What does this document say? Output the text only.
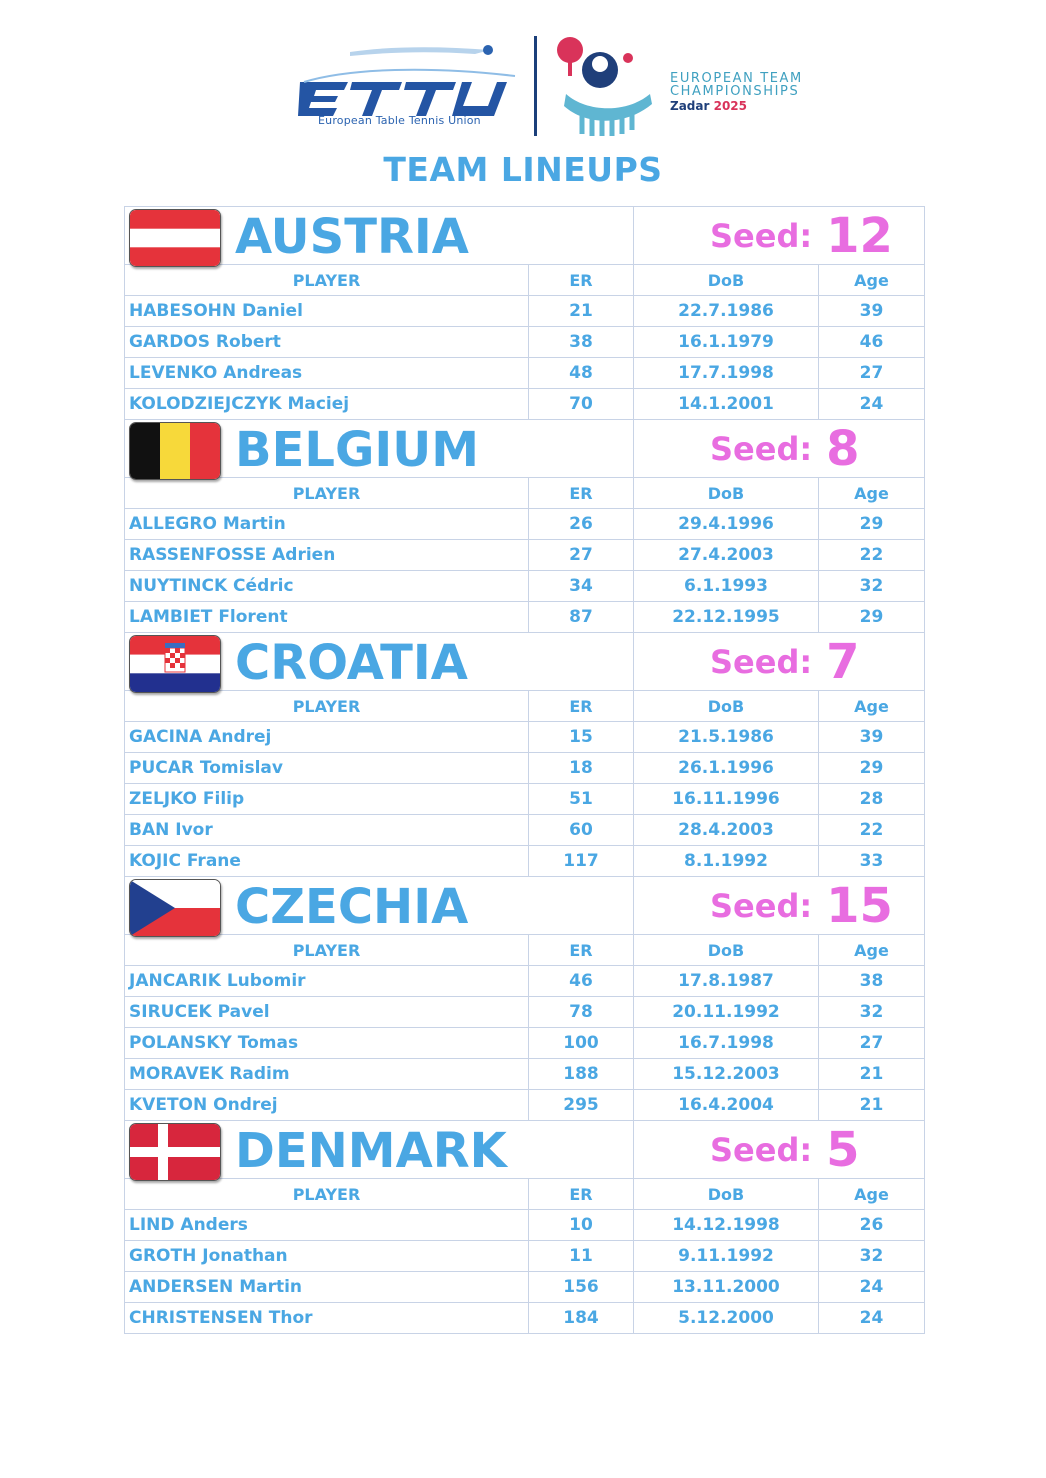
European Table Tennis Union
EUROPEAN TEAM
CHAMPIONSHIPS
Zadar 2025
TEAM LINEUPS
AUSTRIA		Seed: 12	
PLAYER	ER	DoB	Age
HABESOHN Daniel	21	22.7.1986	39
GARDOS Robert	38	16.1.1979	46
LEVENKO Andreas	48	17.7.1998	27
KOLODZIEJCZYK Maciej	70	14.1.2001	24

BELGIUM		Seed: 8	
PLAYER	ER	DoB	Age
ALLEGRO Martin	26	29.4.1996	29
RASSENFOSSE Adrien	27	27.4.2003	22
NUYTINCK Cédric	34	6.1.1993	32
LAMBIET Florent	87	22.12.1995	29

CROATIA		Seed: 7	
PLAYER	ER	DoB	Age
GACINA Andrej	15	21.5.1986	39
PUCAR Tomislav	18	26.1.1996	29
ZELJKO Filip	51	16.11.1996	28
BAN Ivor	60	28.4.2003	22
KOJIC Frane	117	8.1.1992	33

CZECHIA		Seed: 15	
PLAYER	ER	DoB	Age
JANCARIK Lubomir	46	17.8.1987	38
SIRUCEK Pavel	78	20.11.1992	32
POLANSKY Tomas	100	16.7.1998	27
MORAVEK Radim	188	15.12.2003	21
KVETON Ondrej	295	16.4.2004	21

DENMARK		Seed: 5	
PLAYER	ER	DoB	Age
LIND Anders	10	14.12.1998	26
GROTH Jonathan	11	9.11.1992	32
ANDERSEN Martin	156	13.11.2000	24
CHRISTENSEN Thor	184	5.12.2000	24
